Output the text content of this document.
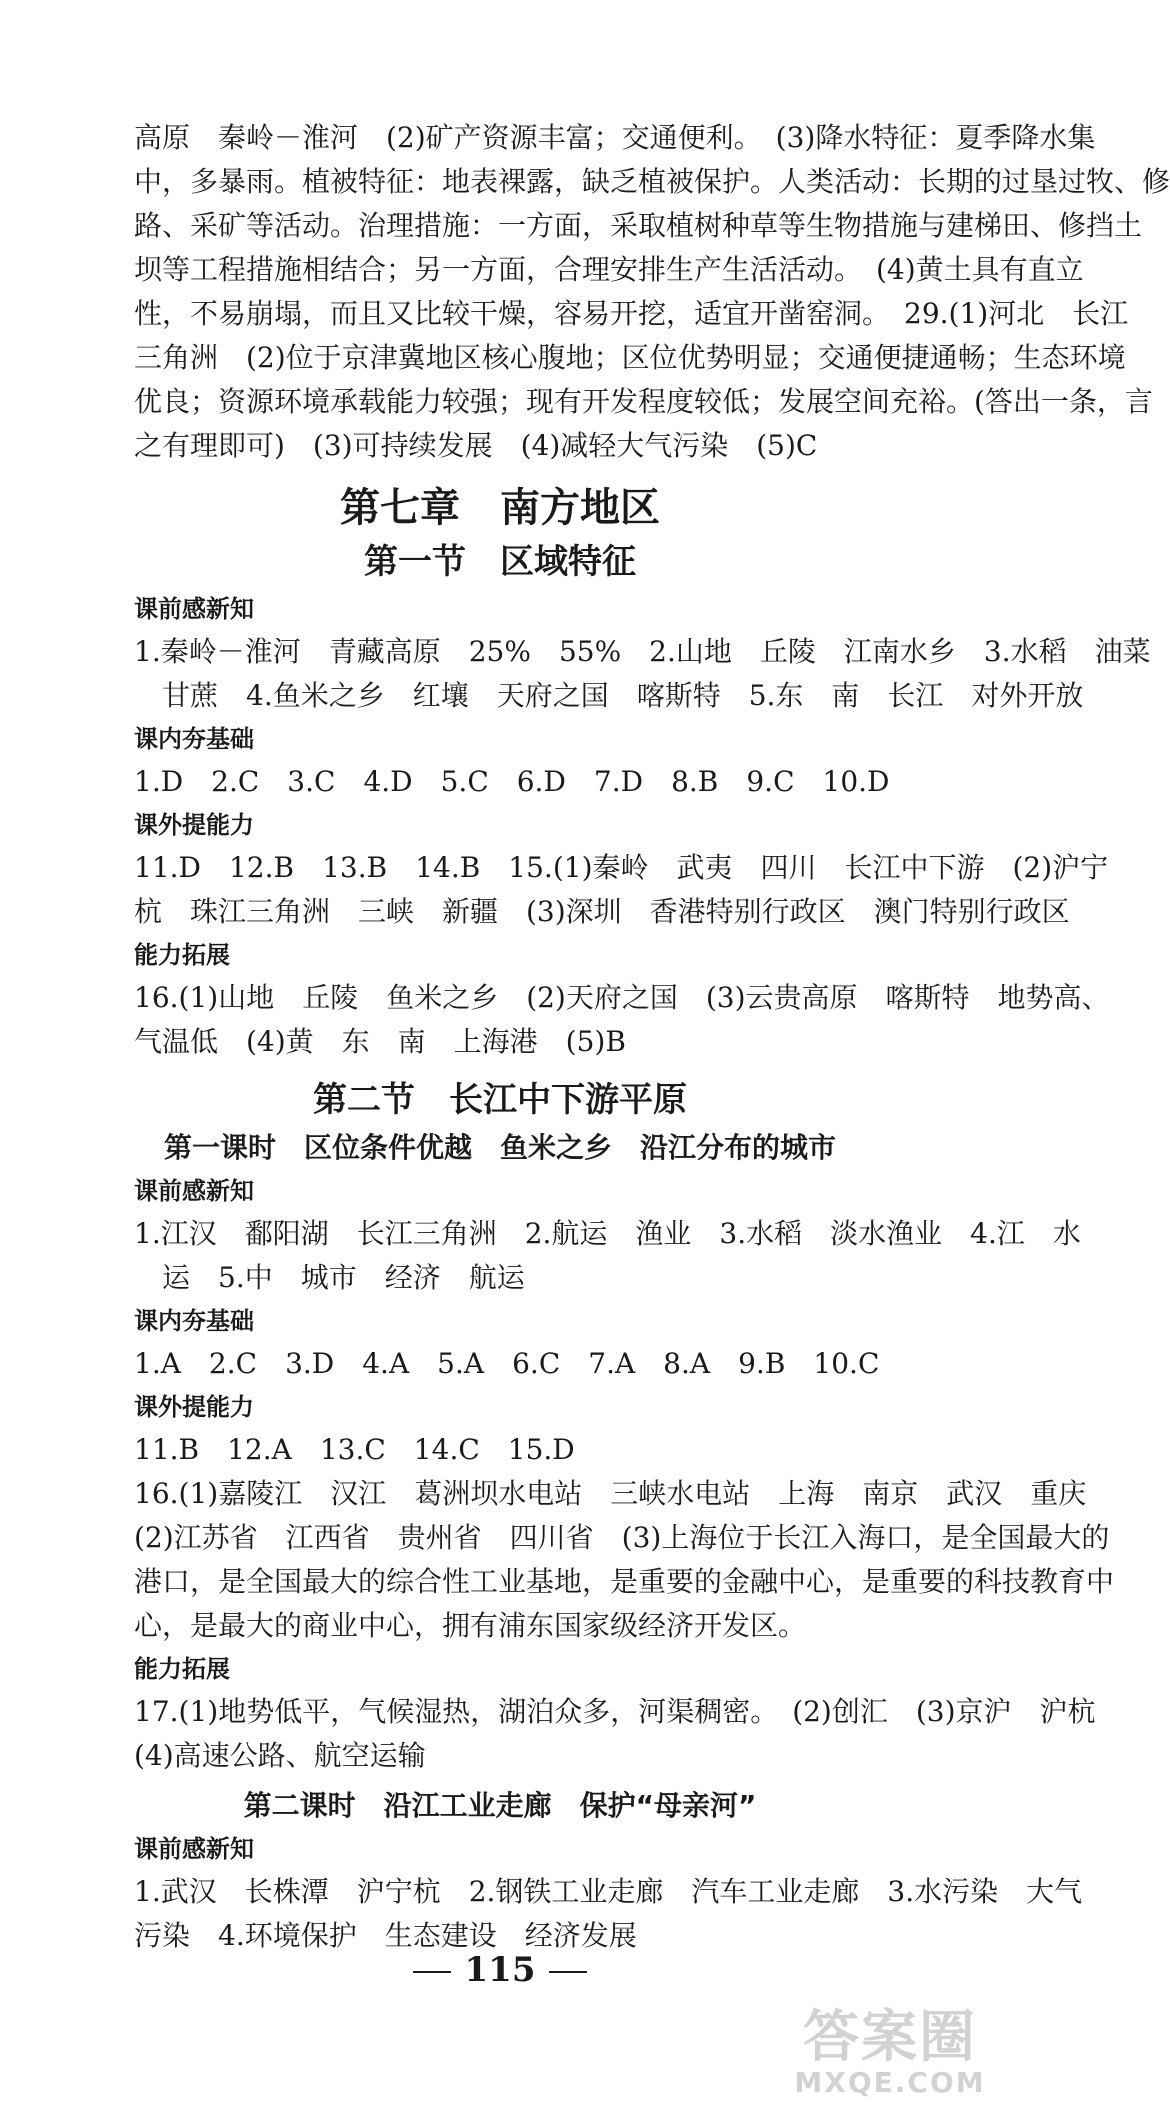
高原　秦岭－淮河　(2)矿产资源丰富；交通便利。　(3)降水特征：夏季降水集
中，多暴雨。植被特征：地表裸露，缺乏植被保护。人类活动：长期的过垦过牧、修
路、采矿等活动。治理措施：一方面，采取植树种草等生物措施与建梯田、修挡土
坝等工程措施相结合；另一方面，合理安排生产生活活动。　(4)黄土具有直立
性，不易崩塌，而且又比较干燥，容易开挖，适宜开凿窑洞。　29.(1)河北　长江
三角洲　(2)位于京津冀地区核心腹地；区位优势明显；交通便捷通畅；生态环境
优良；资源环境承载能力较强；现有开发程度较低；发展空间充裕。(答出一条，言
之有理即可)　(3)可持续发展　(4)减轻大气污染　(5)C
第七章　南方地区
第一节　区域特征
课前感新知
1.秦岭－淮河　青藏高原　25%　55%　2.山地　丘陵　江南水乡　3.水稻　油菜
甘蔗　4.鱼米之乡　红壤　天府之国　喀斯特　5.东　南　长江　对外开放
课内夯基础
1.D　2.C　3.C　4.D　5.C　6.D　7.D　8.B　9.C　10.D
课外提能力
11.D　12.B　13.B　14.B　15.(1)秦岭　武夷　四川　长江中下游　(2)沪宁
杭　珠江三角洲　三峡　新疆　(3)深圳　香港特别行政区　澳门特别行政区
能力拓展
16.(1)山地　丘陵　鱼米之乡　(2)天府之国　(3)云贵高原　喀斯特　地势高、
气温低　(4)黄　东　南　上海港　(5)B
第二节　长江中下游平原
第一课时　区位条件优越　鱼米之乡　沿江分布的城市
课前感新知
1.江汉　鄱阳湖　长江三角洲　2.航运　渔业　3.水稻　淡水渔业　4.江　水
运　5.中　城市　经济　航运
课内夯基础
1.A　2.C　3.D　4.A　5.A　6.C　7.A　8.A　9.B　10.C
课外提能力
11.B　12.A　13.C　14.C　15.D
16.(1)嘉陵江　汉江　葛洲坝水电站　三峡水电站　上海　南京　武汉　重庆
(2)江苏省　江西省　贵州省　四川省　(3)上海位于长江入海口，是全国最大的
港口，是全国最大的综合性工业基地，是重要的金融中心，是重要的科技教育中
心，是最大的商业中心，拥有浦东国家级经济开发区。
能力拓展
17.(1)地势低平，气候湿热，湖泊众多，河渠稠密。　(2)创汇　(3)京沪　沪杭
(4)高速公路、航空运输
第二课时　沿江工业走廊　保护“母亲河”
课前感新知
1.武汉　长株潭　沪宁杭　2.钢铁工业走廊　汽车工业走廊　3.水污染　大气
污染　4.环境保护　生态建设　经济发展
115
答案圈
MXQE.COM
